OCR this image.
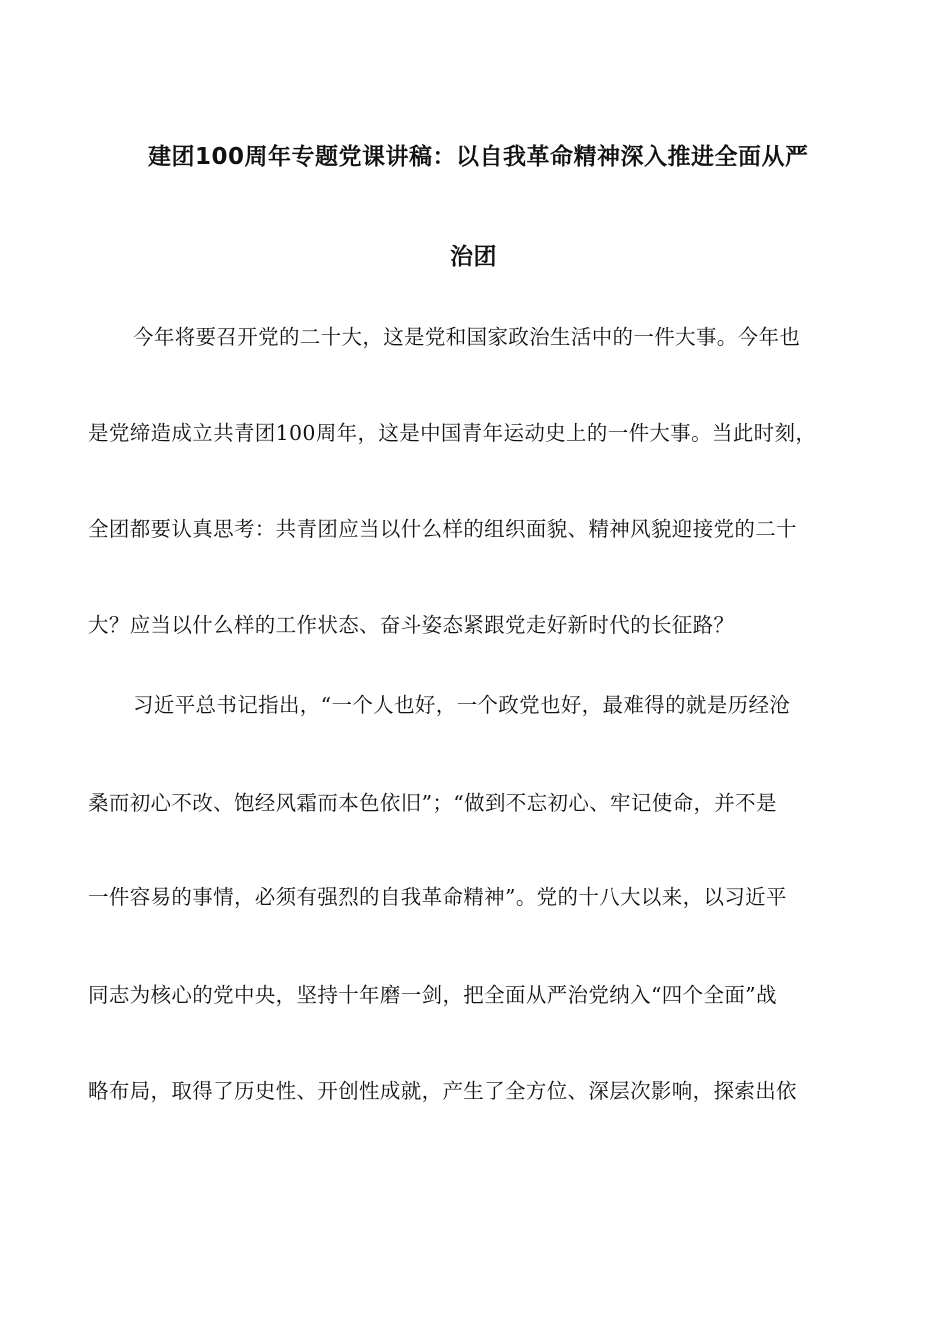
建团100周年专题党课讲稿：以自我革命精神深入推进全面从严
治团
今年将要召开党的二十大，这是党和国家政治生活中的一件大事。今年也
是党缔造成立共青团100周年，这是中国青年运动史上的一件大事。当此时刻，
全团都要认真思考：共青团应当以什么样的组织面貌、精神风貌迎接党的二十
大？应当以什么样的工作状态、奋斗姿态紧跟党走好新时代的长征路？
习近平总书记指出，“一个人也好，一个政党也好，最难得的就是历经沧
桑而初心不改、饱经风霜而本色依旧”；“做到不忘初心、牢记使命，并不是
一件容易的事情，必须有强烈的自我革命精神”。党的十八大以来，以习近平
同志为核心的党中央，坚持十年磨一剑，把全面从严治党纳入“四个全面”战
略布局，取得了历史性、开创性成就，产生了全方位、深层次影响，探索出依
